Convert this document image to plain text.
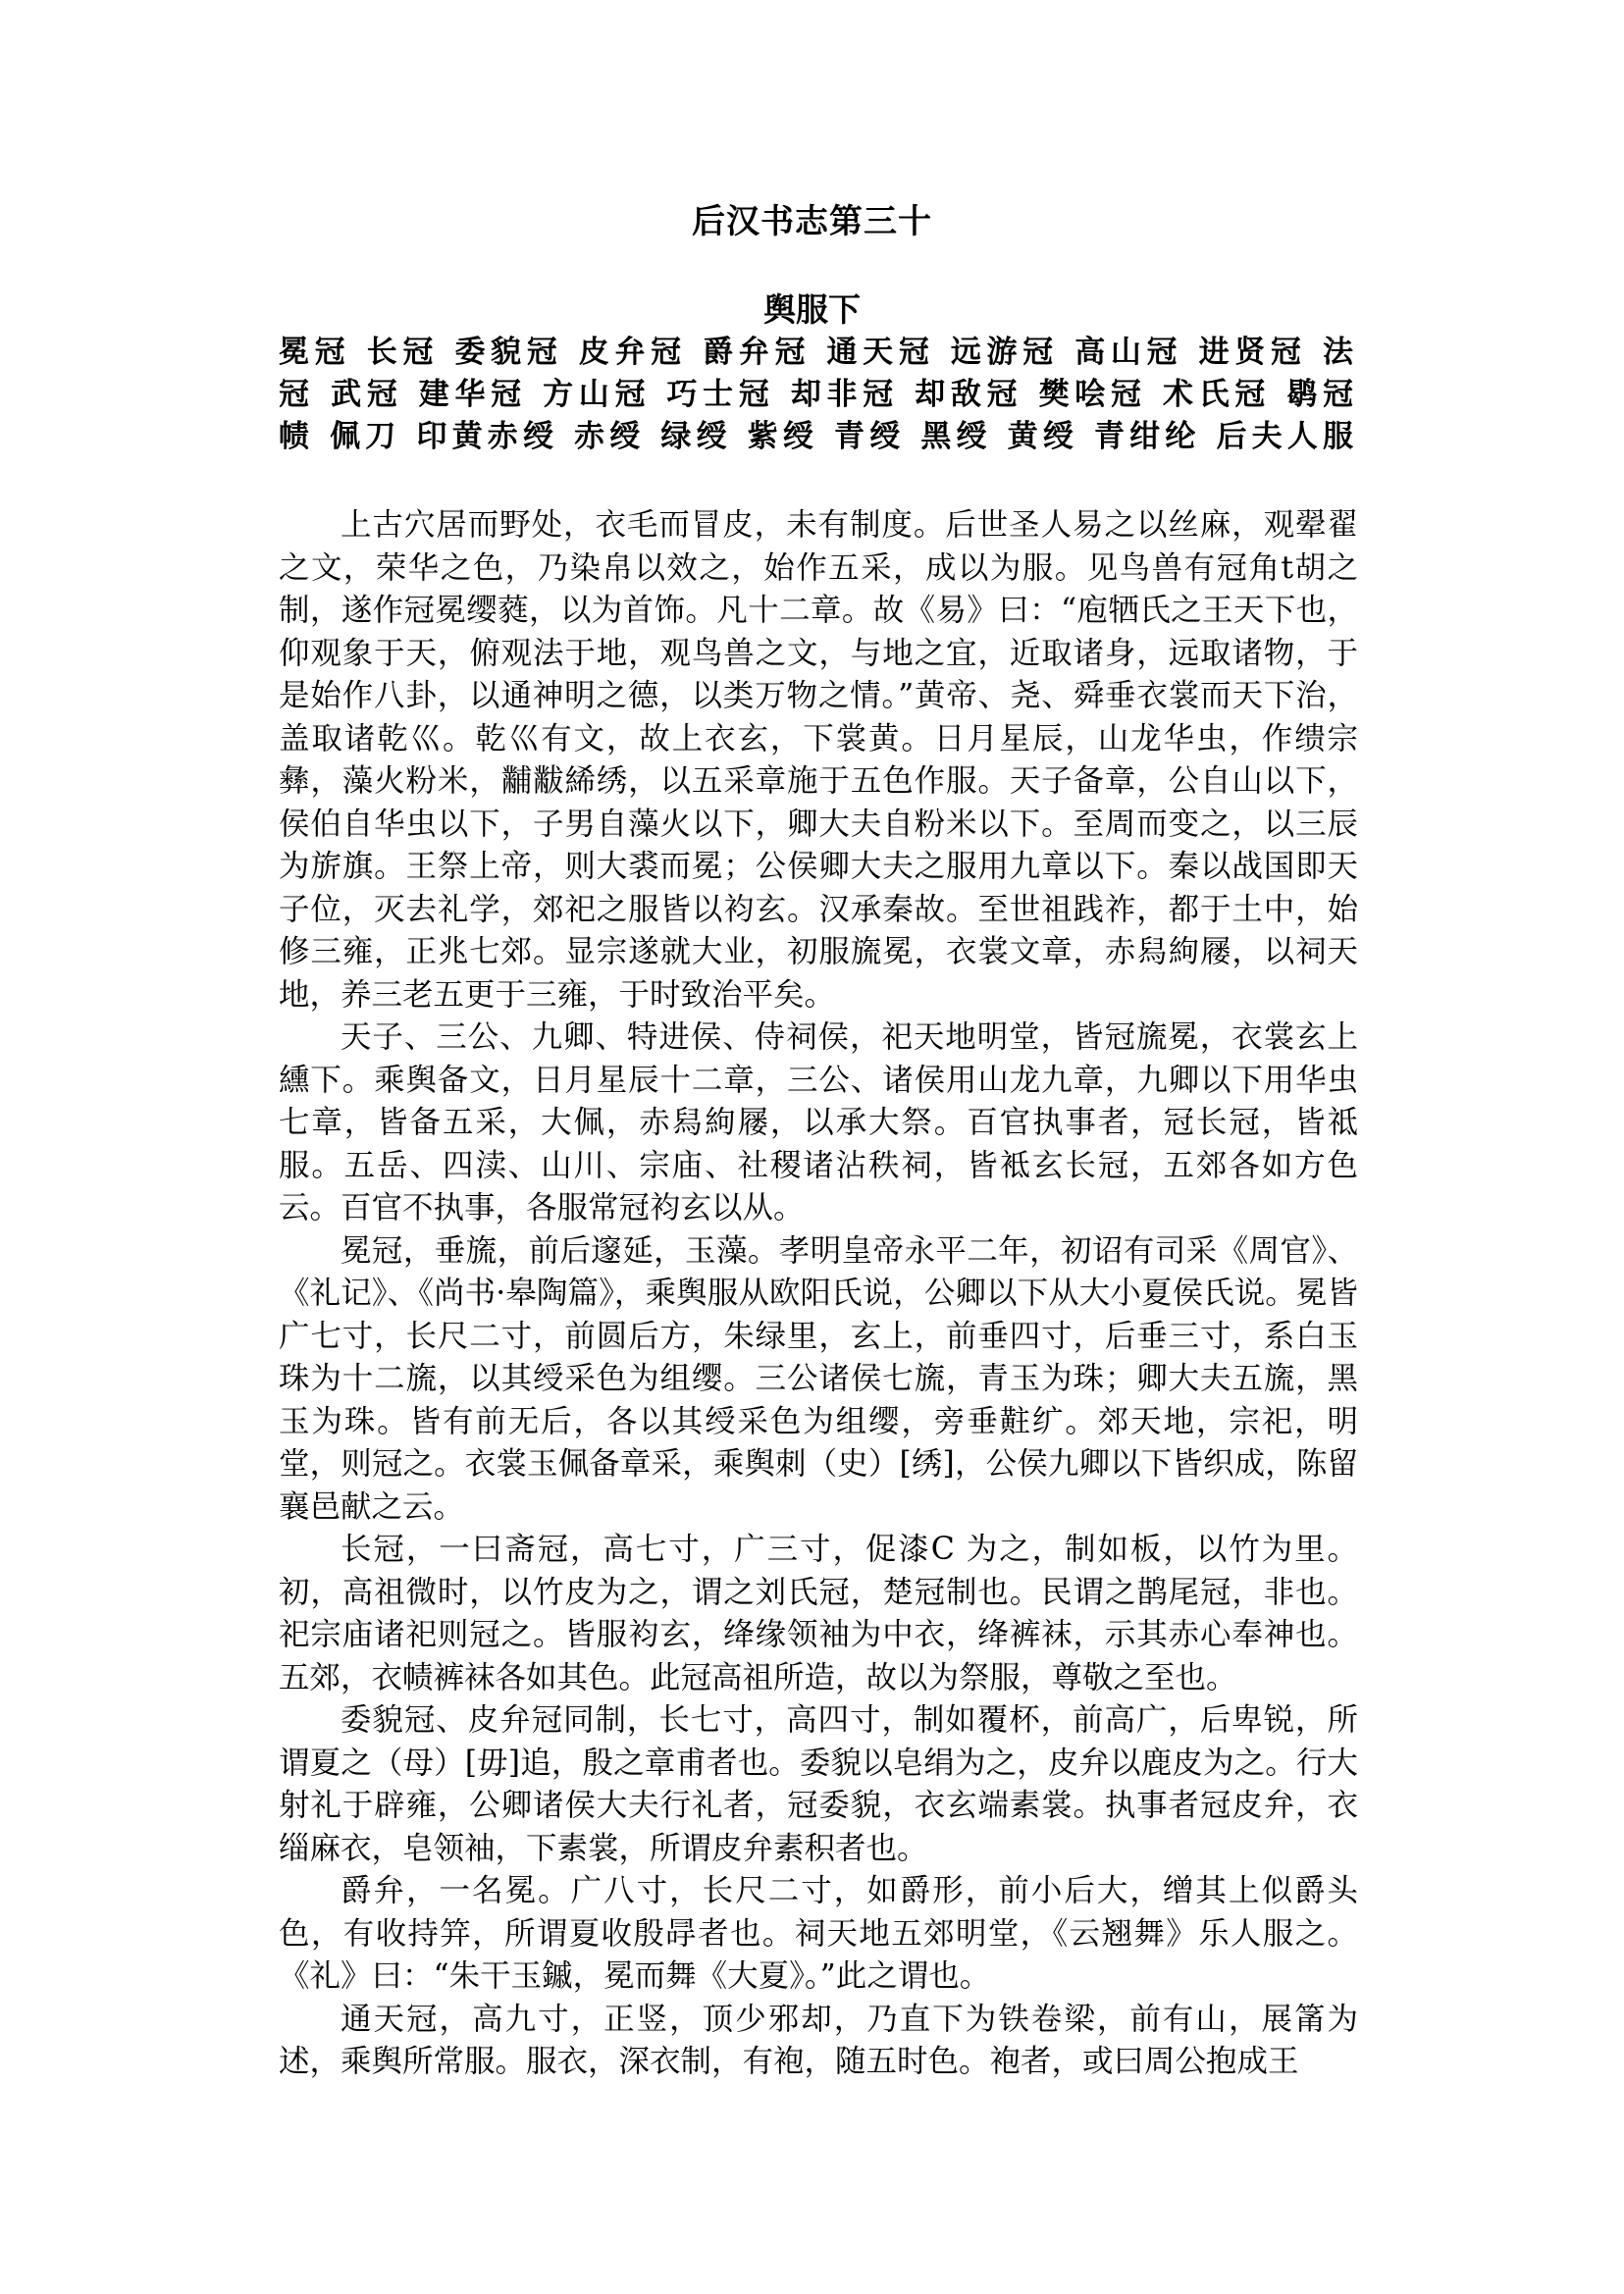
后汉书志第三十
舆服下
冕冠 长冠 委貌冠 皮弁冠 爵弁冠 通天冠 远游冠 高山冠 进贤冠 法
冠 武冠 建华冠 方山冠 巧士冠 却非冠 却敌冠 樊哙冠 术氏冠 鹖冠
帻 佩刀 印黄赤绶 赤绶 绿绶 紫绶 青绶 黑绶 黄绶 青绀纶 后夫人服

上古穴居而野处，衣毛而冒皮，未有制度。后世圣人易之以丝麻，观翚翟之文，荣华之色，乃染帛以效之，始作五采，成以为服。见鸟兽有冠角t胡之制，遂作冠冕缨蕤，以为首饰。凡十二章。故《易》曰：“庖牺氏之王天下也，仰观象于天，俯观法于地，观鸟兽之文，与地之宜，近取诸身，远取诸物，于是始作八卦，以通神明之德，以类万物之情。”黄帝、尧、舜垂衣裳而天下治，盖取诸乾巛。乾巛有文，故上衣玄，下裳黄。日月星辰，山龙华虫，作缋宗彝，藻火粉米，黼黻絺绣，以五采章施于五色作服。天子备章，公自山以下，侯伯自华虫以下，子男自藻火以下，卿大夫自粉米以下。至周而变之，以三辰为旂旗。王祭上帝，则大裘而冕；公侯卿大夫之服用九章以下。秦以战国即天子位，灭去礼学，郊祀之服皆以袀玄。汉承秦故。至世祖践祚，都于土中，始修三雍，正兆七郊。显宗遂就大业，初服旒冕，衣裳文章，赤舄絇屦，以祠天地，养三老五更于三雍，于时致治平矣。

天子、三公、九卿、特进侯、侍祠侯，祀天地明堂，皆冠旒冕，衣裳玄上纁下。乘舆备文，日月星辰十二章，三公、诸侯用山龙九章，九卿以下用华虫七章，皆备五采，大佩，赤舄絇屦，以承大祭。百官执事者，冠长冠，皆祗服。五岳、四渎、山川、宗庙、社稷诸沾秩祠，皆袛玄长冠，五郊各如方色云。百官不执事，各服常冠袀玄以从。

冕冠，垂旒，前后邃延，玉藻。孝明皇帝永平二年，初诏有司采《周官》、《礼记》、《尚书·皋陶篇》，乘舆服从欧阳氏说，公卿以下从大小夏侯氏说。冕皆广七寸，长尺二寸，前圆后方，朱绿里，玄上，前垂四寸，后垂三寸，系白玉珠为十二旒，以其绶采色为组缨。三公诸侯七旒，青玉为珠；卿大夫五旒，黑玉为珠。皆有前无后，各以其绶采色为组缨，旁垂黈纩。郊天地，宗祀，明堂，则冠之。衣裳玉佩备章采，乘舆刺（史）[绣]，公侯九卿以下皆织成，陈留襄邑献之云。

长冠，一曰斋冠，高七寸，广三寸，促漆C 为之，制如板，以竹为里。初，高祖微时，以竹皮为之，谓之刘氏冠，楚冠制也。民谓之鹊尾冠，非也。祀宗庙诸祀则冠之。皆服袀玄，绛缘领袖为中衣，绛裤袜，示其赤心奉神也。五郊，衣帻裤袜各如其色。此冠高祖所造，故以为祭服，尊敬之至也。

委貌冠、皮弁冠同制，长七寸，高四寸，制如覆杯，前高广，后卑锐，所谓夏之（母）[毋]追，殷之章甫者也。委貌以皂绢为之，皮弁以鹿皮为之。行大射礼于辟雍，公卿诸侯大夫行礼者，冠委貌，衣玄端素裳。执事者冠皮弁，衣缁麻衣，皂领袖，下素裳，所谓皮弁素积者也。

爵弁，一名冕。广八寸，长尺二寸，如爵形，前小后大，缯其上似爵头色，有收持笄，所谓夏收殷冔者也。祠天地五郊明堂，《云翘舞》乐人服之。《礼》曰：“朱干玉鏚，冕而舞《大夏》。”此之谓也。

通天冠，高九寸，正竖，顶少邪却，乃直下为铁卷梁，前有山，展筩为述，乘舆所常服。服衣，深衣制，有袍，随五时色。袍者，或曰周公抱成王
